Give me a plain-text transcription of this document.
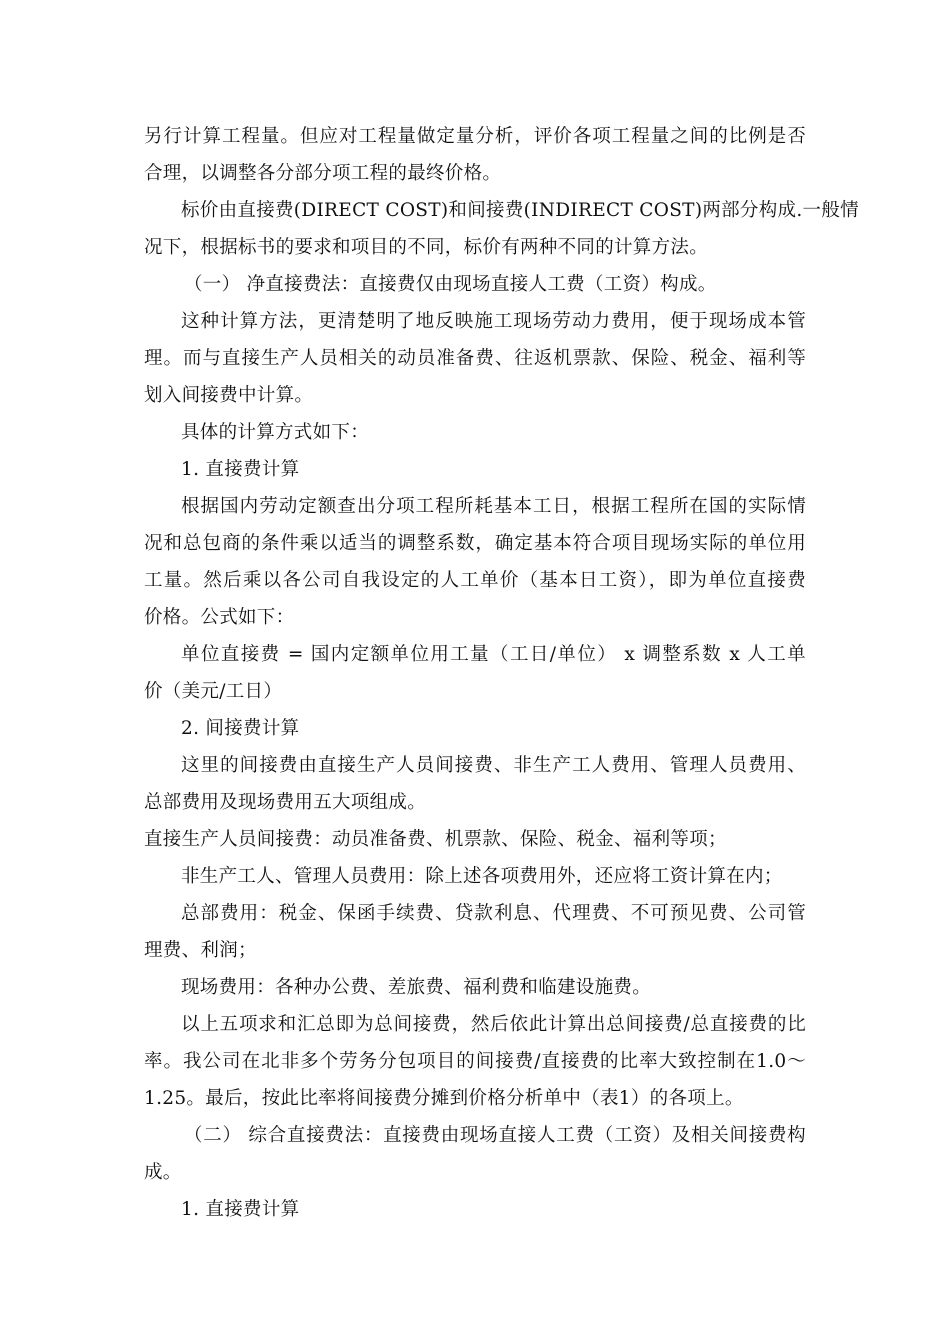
另行计算工程量。但应对工程量做定量分析，评价各项工程量之间的比例是否
合理，以调整各分部分项工程的最终价格。
标价由直接费(DIRECT COST)和间接费(INDIRECT COST)两部分构成.一般情
况下，根据标书的要求和项目的不同，标价有两种不同的计算方法。
（一） 净直接费法：直接费仅由现场直接人工费（工资）构成。
这种计算方法，更清楚明了地反映施工现场劳动力费用，便于现场成本管
理。而与直接生产人员相关的动员准备费、往返机票款、保险、税金、福利等
划入间接费中计算。
具体的计算方式如下：
1. 直接费计算
根据国内劳动定额查出分项工程所耗基本工日，根据工程所在国的实际情
况和总包商的条件乘以适当的调整系数，确定基本符合项目现场实际的单位用
工量。然后乘以各公司自我设定的人工单价（基本日工资），即为单位直接费
价格。公式如下：
单位直接费 = 国内定额单位用工量（工日/单位） x 调整系数 x 人工单
价（美元/工日）
2. 间接费计算
这里的间接费由直接生产人员间接费、非生产工人费用、管理人员费用、
总部费用及现场费用五大项组成。
直接生产人员间接费：动员准备费、机票款、保险、税金、福利等项；
非生产工人、管理人员费用：除上述各项费用外，还应将工资计算在内；
总部费用：税金、保函手续费、贷款利息、代理费、不可预见费、公司管
理费、利润；
现场费用：各种办公费、差旅费、福利费和临建设施费。
以上五项求和汇总即为总间接费，然后依此计算出总间接费/总直接费的比
率。我公司在北非多个劳务分包项目的间接费/直接费的比率大致控制在1.0～
1.25。最后，按此比率将间接费分摊到价格分析单中（表1）的各项上。
（二） 综合直接费法：直接费由现场直接人工费（工资）及相关间接费构
成。
1. 直接费计算
